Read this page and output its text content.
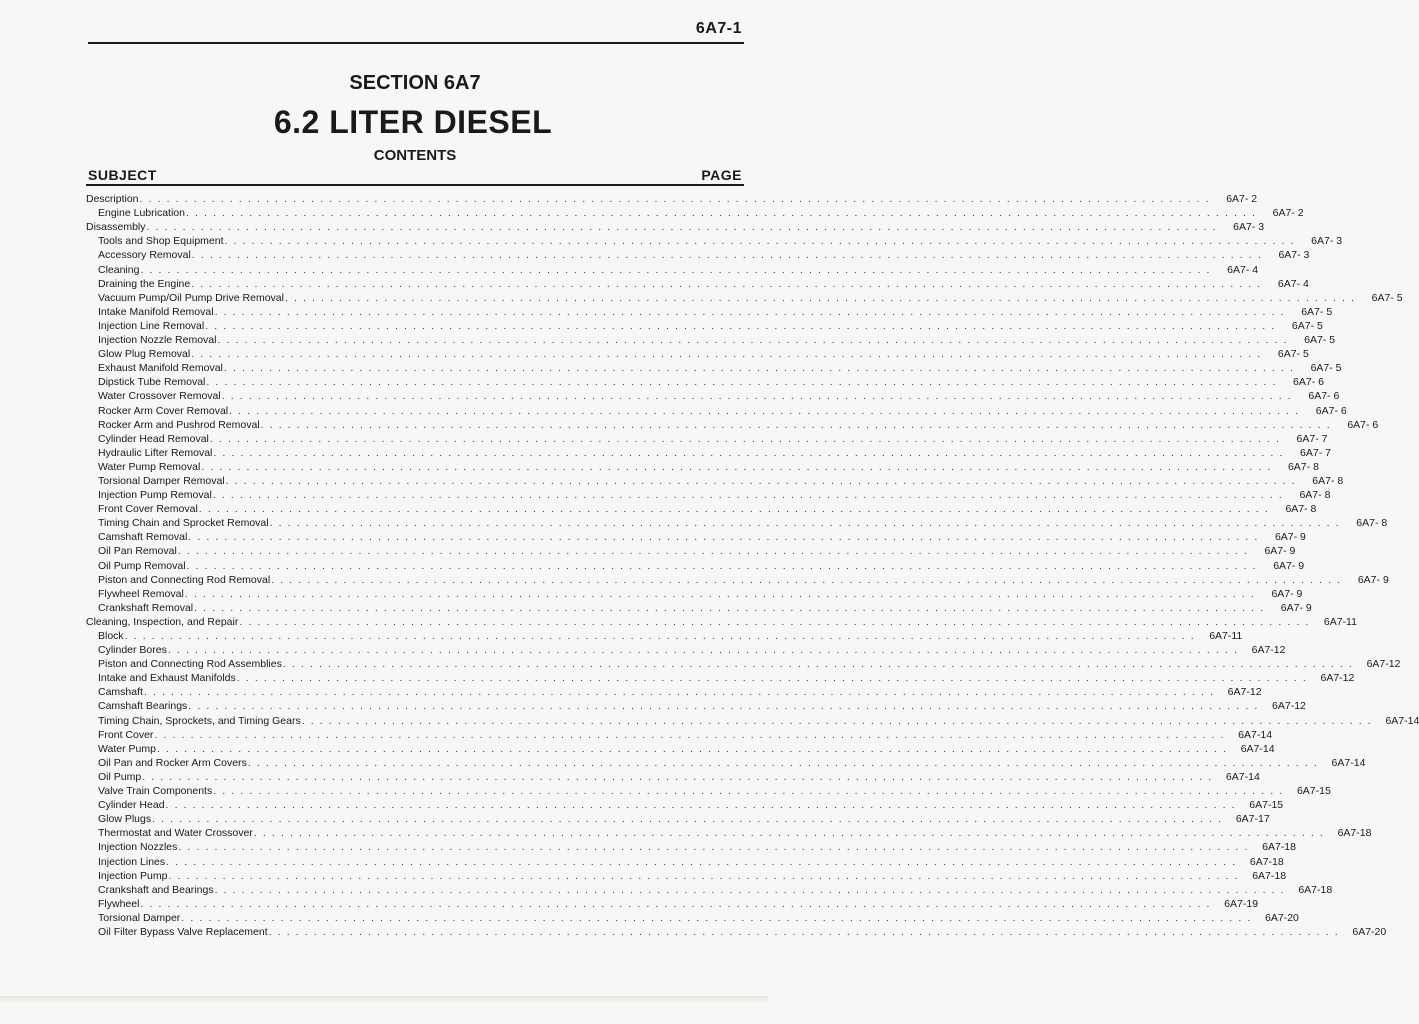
6A7-1
SECTION 6A7
6.2 LITER DIESEL
CONTENTS
SUBJECT	PAGE
Description . . . . . . . . . . . . . . . . . . . . . . . . . . . . . . . . . . . . . . . . . . . . . . . . . . . . . . . . . . . . . . . . . . . . . . . . . . . . . . . . . . . . . . . . . . . . . . . . . . . . . . . . . . . . . . . . . . . . . . .	6A7- 2
Engine Lubrication . . . . . . . . . . . . . . . . . . . . . . . . . . . . . . . . . . . . . . . . . . . . . . . . . . . . . . . . . . . . . . . . . . . . . . . . . . . . . . . . . . . . . . . . . . . . . . . . . . . . . . . . . . . . . . . . . . . . . . .	6A7- 2
Disassembly . . . . . . . . . . . . . . . . . . . . . . . . . . . . . . . . . . . . . . . . . . . . . . . . . . . . . . . . . . . . . . . . . . . . . . . . . . . . . . . . . . . . . . . . . . . . . . . . . . . . . . . . . . . . . . . . . . . . . . .	6A7- 3
Tools and Shop Equipment . . . . . . . . . . . . . . . . . . . . . . . . . . . . . . . . . . . . . . . . . . . . . . . . . . . . . . . . . . . . . . . . . . . . . . . . . . . . . . . . . . . . . . . . . . . . . . . . . . . . . . . . . . . . . . . . . . . . . . .	6A7- 3
Accessory Removal . . . . . . . . . . . . . . . . . . . . . . . . . . . . . . . . . . . . . . . . . . . . . . . . . . . . . . . . . . . . . . . . . . . . . . . . . . . . . . . . . . . . . . . . . . . . . . . . . . . . . . . . . . . . . . . . . . . . . . .	6A7- 3
Cleaning . . . . . . . . . . . . . . . . . . . . . . . . . . . . . . . . . . . . . . . . . . . . . . . . . . . . . . . . . . . . . . . . . . . . . . . . . . . . . . . . . . . . . . . . . . . . . . . . . . . . . . . . . . . . . . . . . . . . . . .	6A7- 4
Draining the Engine . . . . . . . . . . . . . . . . . . . . . . . . . . . . . . . . . . . . . . . . . . . . . . . . . . . . . . . . . . . . . . . . . . . . . . . . . . . . . . . . . . . . . . . . . . . . . . . . . . . . . . . . . . . . . . . . . . . . . . .	6A7- 4
Vacuum Pump/Oil Pump Drive Removal . . . . . . . . . . . . . . . . . . . . . . . . . . . . . . . . . . . . . . . . . . . . . . . . . . . . . . . . . . . . . . . . . . . . . . . . . . . . . . . . . . . . . . . . . . . . . . . . . . . . . . . . . . . . . . . . . . . . . . .	6A7- 5
Intake Manifold Removal . . . . . . . . . . . . . . . . . . . . . . . . . . . . . . . . . . . . . . . . . . . . . . . . . . . . . . . . . . . . . . . . . . . . . . . . . . . . . . . . . . . . . . . . . . . . . . . . . . . . . . . . . . . . . . . . . . . . . . .	6A7- 5
Injection Line Removal . . . . . . . . . . . . . . . . . . . . . . . . . . . . . . . . . . . . . . . . . . . . . . . . . . . . . . . . . . . . . . . . . . . . . . . . . . . . . . . . . . . . . . . . . . . . . . . . . . . . . . . . . . . . . . . . . . . . . . .	6A7- 5
Injection Nozzle Removal . . . . . . . . . . . . . . . . . . . . . . . . . . . . . . . . . . . . . . . . . . . . . . . . . . . . . . . . . . . . . . . . . . . . . . . . . . . . . . . . . . . . . . . . . . . . . . . . . . . . . . . . . . . . . . . . . . . . . . .	6A7- 5
Glow Plug Removal . . . . . . . . . . . . . . . . . . . . . . . . . . . . . . . . . . . . . . . . . . . . . . . . . . . . . . . . . . . . . . . . . . . . . . . . . . . . . . . . . . . . . . . . . . . . . . . . . . . . . . . . . . . . . . . . . . . . . . .	6A7- 5
Exhaust Manifold Removal . . . . . . . . . . . . . . . . . . . . . . . . . . . . . . . . . . . . . . . . . . . . . . . . . . . . . . . . . . . . . . . . . . . . . . . . . . . . . . . . . . . . . . . . . . . . . . . . . . . . . . . . . . . . . . . . . . . . . . .	6A7- 5
Dipstick Tube Removal . . . . . . . . . . . . . . . . . . . . . . . . . . . . . . . . . . . . . . . . . . . . . . . . . . . . . . . . . . . . . . . . . . . . . . . . . . . . . . . . . . . . . . . . . . . . . . . . . . . . . . . . . . . . . . . . . . . . . . .	6A7- 6
Water Crossover Removal . . . . . . . . . . . . . . . . . . . . . . . . . . . . . . . . . . . . . . . . . . . . . . . . . . . . . . . . . . . . . . . . . . . . . . . . . . . . . . . . . . . . . . . . . . . . . . . . . . . . . . . . . . . . . . . . . . . . . . .	6A7- 6
Rocker Arm Cover Removal . . . . . . . . . . . . . . . . . . . . . . . . . . . . . . . . . . . . . . . . . . . . . . . . . . . . . . . . . . . . . . . . . . . . . . . . . . . . . . . . . . . . . . . . . . . . . . . . . . . . . . . . . . . . . . . . . . . . . . .	6A7- 6
Rocker Arm and Pushrod Removal . . . . . . . . . . . . . . . . . . . . . . . . . . . . . . . . . . . . . . . . . . . . . . . . . . . . . . . . . . . . . . . . . . . . . . . . . . . . . . . . . . . . . . . . . . . . . . . . . . . . . . . . . . . . . . . . . . . . . . .	6A7- 6
Cylinder Head Removal . . . . . . . . . . . . . . . . . . . . . . . . . . . . . . . . . . . . . . . . . . . . . . . . . . . . . . . . . . . . . . . . . . . . . . . . . . . . . . . . . . . . . . . . . . . . . . . . . . . . . . . . . . . . . . . . . . . . . . .	6A7- 7
Hydraulic Lifter Removal . . . . . . . . . . . . . . . . . . . . . . . . . . . . . . . . . . . . . . . . . . . . . . . . . . . . . . . . . . . . . . . . . . . . . . . . . . . . . . . . . . . . . . . . . . . . . . . . . . . . . . . . . . . . . . . . . . . . . . .	6A7- 7
Water Pump Removal . . . . . . . . . . . . . . . . . . . . . . . . . . . . . . . . . . . . . . . . . . . . . . . . . . . . . . . . . . . . . . . . . . . . . . . . . . . . . . . . . . . . . . . . . . . . . . . . . . . . . . . . . . . . . . . . . . . . . . .	6A7- 8
Torsional Damper Removal . . . . . . . . . . . . . . . . . . . . . . . . . . . . . . . . . . . . . . . . . . . . . . . . . . . . . . . . . . . . . . . . . . . . . . . . . . . . . . . . . . . . . . . . . . . . . . . . . . . . . . . . . . . . . . . . . . . . . . .	6A7- 8
Injection Pump Removal . . . . . . . . . . . . . . . . . . . . . . . . . . . . . . . . . . . . . . . . . . . . . . . . . . . . . . . . . . . . . . . . . . . . . . . . . . . . . . . . . . . . . . . . . . . . . . . . . . . . . . . . . . . . . . . . . . . . . . .	6A7- 8
Front Cover Removal . . . . . . . . . . . . . . . . . . . . . . . . . . . . . . . . . . . . . . . . . . . . . . . . . . . . . . . . . . . . . . . . . . . . . . . . . . . . . . . . . . . . . . . . . . . . . . . . . . . . . . . . . . . . . . . . . . . . . . .	6A7- 8
Timing Chain and Sprocket Removal . . . . . . . . . . . . . . . . . . . . . . . . . . . . . . . . . . . . . . . . . . . . . . . . . . . . . . . . . . . . . . . . . . . . . . . . . . . . . . . . . . . . . . . . . . . . . . . . . . . . . . . . . . . . . . . . . . . . . . .	6A7- 8
Camshaft Removal . . . . . . . . . . . . . . . . . . . . . . . . . . . . . . . . . . . . . . . . . . . . . . . . . . . . . . . . . . . . . . . . . . . . . . . . . . . . . . . . . . . . . . . . . . . . . . . . . . . . . . . . . . . . . . . . . . . . . . .	6A7- 9
Oil Pan Removal . . . . . . . . . . . . . . . . . . . . . . . . . . . . . . . . . . . . . . . . . . . . . . . . . . . . . . . . . . . . . . . . . . . . . . . . . . . . . . . . . . . . . . . . . . . . . . . . . . . . . . . . . . . . . . . . . . . . . . .	6A7- 9
Oil Pump Removal . . . . . . . . . . . . . . . . . . . . . . . . . . . . . . . . . . . . . . . . . . . . . . . . . . . . . . . . . . . . . . . . . . . . . . . . . . . . . . . . . . . . . . . . . . . . . . . . . . . . . . . . . . . . . . . . . . . . . . .	6A7- 9
Piston and Connecting Rod Removal . . . . . . . . . . . . . . . . . . . . . . . . . . . . . . . . . . . . . . . . . . . . . . . . . . . . . . . . . . . . . . . . . . . . . . . . . . . . . . . . . . . . . . . . . . . . . . . . . . . . . . . . . . . . . . . . . . . . . . .	6A7- 9
Flywheel Removal . . . . . . . . . . . . . . . . . . . . . . . . . . . . . . . . . . . . . . . . . . . . . . . . . . . . . . . . . . . . . . . . . . . . . . . . . . . . . . . . . . . . . . . . . . . . . . . . . . . . . . . . . . . . . . . . . . . . . . .	6A7- 9
Crankshaft Removal . . . . . . . . . . . . . . . . . . . . . . . . . . . . . . . . . . . . . . . . . . . . . . . . . . . . . . . . . . . . . . . . . . . . . . . . . . . . . . . . . . . . . . . . . . . . . . . . . . . . . . . . . . . . . . . . . . . . . . .	6A7- 9
Cleaning, Inspection, and Repair . . . . . . . . . . . . . . . . . . . . . . . . . . . . . . . . . . . . . . . . . . . . . . . . . . . . . . . . . . . . . . . . . . . . . . . . . . . . . . . . . . . . . . . . . . . . . . . . . . . . . . . . . . . . . . . . . . . . . . .	6A7-11
Block . . . . . . . . . . . . . . . . . . . . . . . . . . . . . . . . . . . . . . . . . . . . . . . . . . . . . . . . . . . . . . . . . . . . . . . . . . . . . . . . . . . . . . . . . . . . . . . . . . . . . . . . . . . . . . . . . . . . . . .	6A7-11
Cylinder Bores . . . . . . . . . . . . . . . . . . . . . . . . . . . . . . . . . . . . . . . . . . . . . . . . . . . . . . . . . . . . . . . . . . . . . . . . . . . . . . . . . . . . . . . . . . . . . . . . . . . . . . . . . . . . . . . . . . . . . . .	6A7-12
Piston and Connecting Rod Assemblies . . . . . . . . . . . . . . . . . . . . . . . . . . . . . . . . . . . . . . . . . . . . . . . . . . . . . . . . . . . . . . . . . . . . . . . . . . . . . . . . . . . . . . . . . . . . . . . . . . . . . . . . . . . . . . . . . . . . . . .	6A7-12
Intake and Exhaust Manifolds . . . . . . . . . . . . . . . . . . . . . . . . . . . . . . . . . . . . . . . . . . . . . . . . . . . . . . . . . . . . . . . . . . . . . . . . . . . . . . . . . . . . . . . . . . . . . . . . . . . . . . . . . . . . . . . . . . . . . . .	6A7-12
Camshaft . . . . . . . . . . . . . . . . . . . . . . . . . . . . . . . . . . . . . . . . . . . . . . . . . . . . . . . . . . . . . . . . . . . . . . . . . . . . . . . . . . . . . . . . . . . . . . . . . . . . . . . . . . . . . . . . . . . . . . .	6A7-12
Camshaft Bearings . . . . . . . . . . . . . . . . . . . . . . . . . . . . . . . . . . . . . . . . . . . . . . . . . . . . . . . . . . . . . . . . . . . . . . . . . . . . . . . . . . . . . . . . . . . . . . . . . . . . . . . . . . . . . . . . . . . . . . .	6A7-12
Timing Chain, Sprockets, and Timing Gears . . . . . . . . . . . . . . . . . . . . . . . . . . . . . . . . . . . . . . . . . . . . . . . . . . . . . . . . . . . . . . . . . . . . . . . . . . . . . . . . . . . . . . . . . . . . . . . . . . . . . . . . . . . . . . . . . . . . . . .	6A7-14
Front Cover . . . . . . . . . . . . . . . . . . . . . . . . . . . . . . . . . . . . . . . . . . . . . . . . . . . . . . . . . . . . . . . . . . . . . . . . . . . . . . . . . . . . . . . . . . . . . . . . . . . . . . . . . . . . . . . . . . . . . . .	6A7-14
Water Pump . . . . . . . . . . . . . . . . . . . . . . . . . . . . . . . . . . . . . . . . . . . . . . . . . . . . . . . . . . . . . . . . . . . . . . . . . . . . . . . . . . . . . . . . . . . . . . . . . . . . . . . . . . . . . . . . . . . . . . .	6A7-14
Oil Pan and Rocker Arm Covers . . . . . . . . . . . . . . . . . . . . . . . . . . . . . . . . . . . . . . . . . . . . . . . . . . . . . . . . . . . . . . . . . . . . . . . . . . . . . . . . . . . . . . . . . . . . . . . . . . . . . . . . . . . . . . . . . . . . . . .	6A7-14
Oil Pump . . . . . . . . . . . . . . . . . . . . . . . . . . . . . . . . . . . . . . . . . . . . . . . . . . . . . . . . . . . . . . . . . . . . . . . . . . . . . . . . . . . . . . . . . . . . . . . . . . . . . . . . . . . . . . . . . . . . . . .	6A7-14
Valve Train Components . . . . . . . . . . . . . . . . . . . . . . . . . . . . . . . . . . . . . . . . . . . . . . . . . . . . . . . . . . . . . . . . . . . . . . . . . . . . . . . . . . . . . . . . . . . . . . . . . . . . . . . . . . . . . . . . . . . . . . .	6A7-15
Cylinder Head . . . . . . . . . . . . . . . . . . . . . . . . . . . . . . . . . . . . . . . . . . . . . . . . . . . . . . . . . . . . . . . . . . . . . . . . . . . . . . . . . . . . . . . . . . . . . . . . . . . . . . . . . . . . . . . . . . . . . . .	6A7-15
Glow Plugs . . . . . . . . . . . . . . . . . . . . . . . . . . . . . . . . . . . . . . . . . . . . . . . . . . . . . . . . . . . . . . . . . . . . . . . . . . . . . . . . . . . . . . . . . . . . . . . . . . . . . . . . . . . . . . . . . . . . . . .	6A7-17
Thermostat and Water Crossover . . . . . . . . . . . . . . . . . . . . . . . . . . . . . . . . . . . . . . . . . . . . . . . . . . . . . . . . . . . . . . . . . . . . . . . . . . . . . . . . . . . . . . . . . . . . . . . . . . . . . . . . . . . . . . . . . . . . . . .	6A7-18
Injection Nozzles . . . . . . . . . . . . . . . . . . . . . . . . . . . . . . . . . . . . . . . . . . . . . . . . . . . . . . . . . . . . . . . . . . . . . . . . . . . . . . . . . . . . . . . . . . . . . . . . . . . . . . . . . . . . . . . . . . . . . . .	6A7-18
Injection Lines . . . . . . . . . . . . . . . . . . . . . . . . . . . . . . . . . . . . . . . . . . . . . . . . . . . . . . . . . . . . . . . . . . . . . . . . . . . . . . . . . . . . . . . . . . . . . . . . . . . . . . . . . . . . . . . . . . . . . . .	6A7-18
Injection Pump . . . . . . . . . . . . . . . . . . . . . . . . . . . . . . . . . . . . . . . . . . . . . . . . . . . . . . . . . . . . . . . . . . . . . . . . . . . . . . . . . . . . . . . . . . . . . . . . . . . . . . . . . . . . . . . . . . . . . . .	6A7-18
Crankshaft and Bearings . . . . . . . . . . . . . . . . . . . . . . . . . . . . . . . . . . . . . . . . . . . . . . . . . . . . . . . . . . . . . . . . . . . . . . . . . . . . . . . . . . . . . . . . . . . . . . . . . . . . . . . . . . . . . . . . . . . . . . .	6A7-18
Flywheel . . . . . . . . . . . . . . . . . . . . . . . . . . . . . . . . . . . . . . . . . . . . . . . . . . . . . . . . . . . . . . . . . . . . . . . . . . . . . . . . . . . . . . . . . . . . . . . . . . . . . . . . . . . . . . . . . . . . . . .	6A7-19
Torsional Damper . . . . . . . . . . . . . . . . . . . . . . . . . . . . . . . . . . . . . . . . . . . . . . . . . . . . . . . . . . . . . . . . . . . . . . . . . . . . . . . . . . . . . . . . . . . . . . . . . . . . . . . . . . . . . . . . . . . . . . .	6A7-20
Oil Filter Bypass Valve Replacement . . . . . . . . . . . . . . . . . . . . . . . . . . . . . . . . . . . . . . . . . . . . . . . . . . . . . . . . . . . . . . . . . . . . . . . . . . . . . . . . . . . . . . . . . . . . . . . . . . . . . . . . . . . . . . . . . . . . . . .	6A7-20
